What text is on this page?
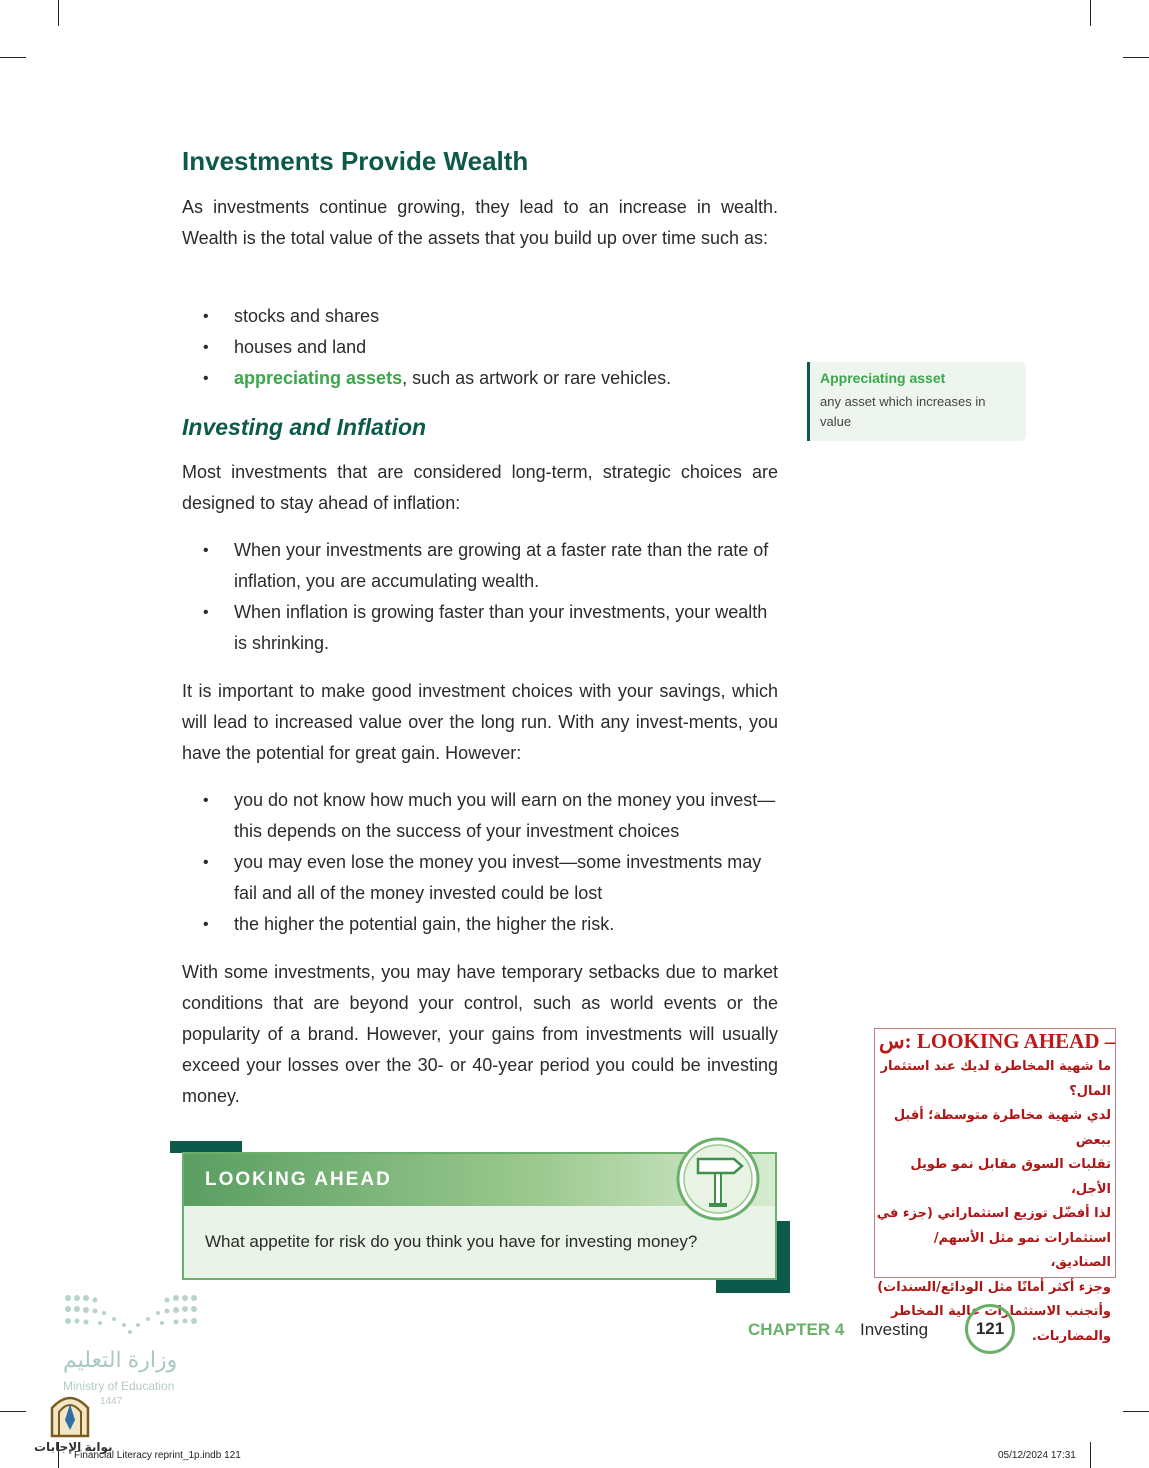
Investments Provide Wealth

As investments continue growing, they lead to an increase in wealth. Wealth is the total value of the assets that you build up over time such as:

• stocks and shares
• houses and land
• appreciating assets, such as artwork or rare vehicles.
Investing and Inflation

Most investments that are considered long-term, strategic choices are designed to stay ahead of inflation:

• When your investments are growing at a faster rate than the rate of inflation, you are accumulating wealth.
• When inflation is growing faster than your investments, your wealth is shrinking.

It is important to make good investment choices with your savings, which will lead to increased value over the long run. With any invest-ments, you have the potential for great gain. However:

• you do not know how much you will earn on the money you invest—this depends on the success of your investment choices
• you may even lose the money you invest—some investments may fail and all of the money invested could be lost
• the higher the potential gain, the higher the risk.

With some investments, you may have temporary setbacks due to market conditions that are beyond your control, such as world events or the popularity of a brand. However, your gains from investments will usually exceed your losses over the 30- or 40-year period you could be investing money.

Appreciating asset
any asset which increases in value
LOOKING AHEAD
What appetite for risk do you think you have for investing money?
س: LOOKING AHEAD –
ما شهية المخاطرة لديك عند استثمار
المال؟
لدي شهية مخاطرة متوسطة؛ أقبل ببعض
تقلبات السوق مقابل نمو طويل الأجل،
لذا أفضّل توزيع استثماراتي (جزء في
استثمارات نمو مثل الأسهم/الصناديق،
وجزء أكثر أمانًا مثل الودائع/السندات)
وأتجنب الاستثمارات عالية المخاطر
والمضاربات.
CHAPTER 4 Investing	121
وزارة التعليم
Ministry of Education
1447
بوابة الإجابات
Financial Literacy reprint_1p.indb 121	05/12/2024 17:31
